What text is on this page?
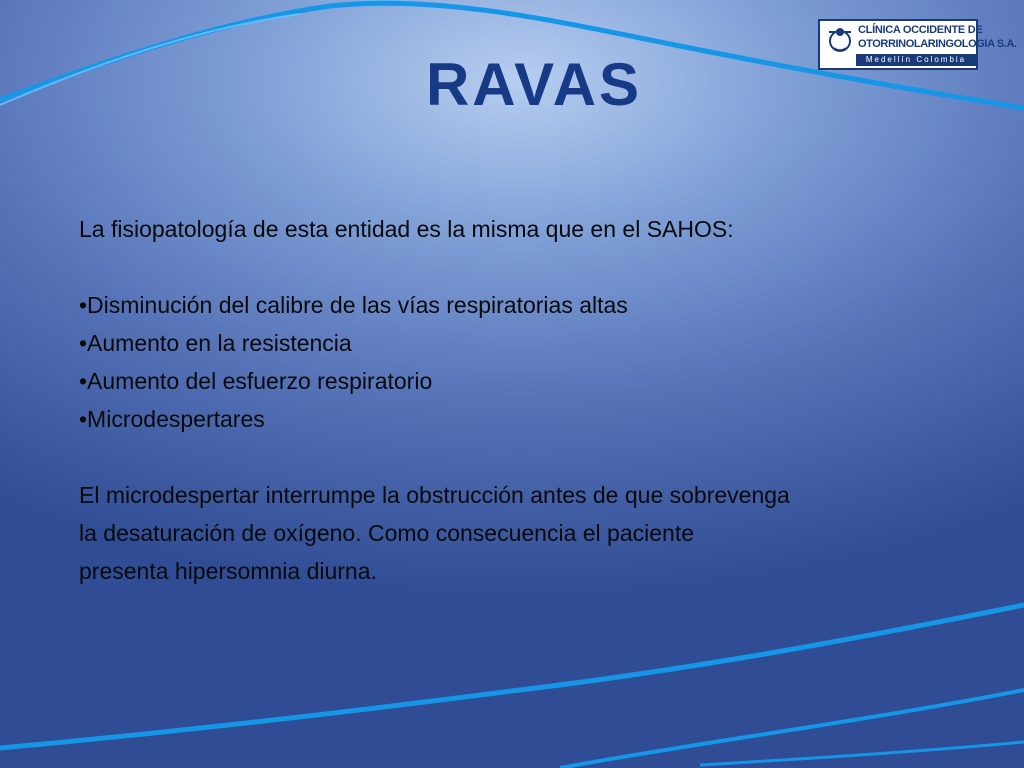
CLÍNICA OCCIDENTE DE
OTORRINOLARINGOLOGIA S.A.
Medellín Colombia
RAVAS

La fisiopatología de esta entidad es la misma que en el SAHOS:

•Disminución del calibre de las vías respiratorias altas
•Aumento en la resistencia
•Aumento del esfuerzo respiratorio
•Microdespertares
El microdespertar interrumpe la obstrucción antes de que sobrevenga
la desaturación de oxígeno. Como consecuencia el paciente
presenta hipersomnia diurna.
